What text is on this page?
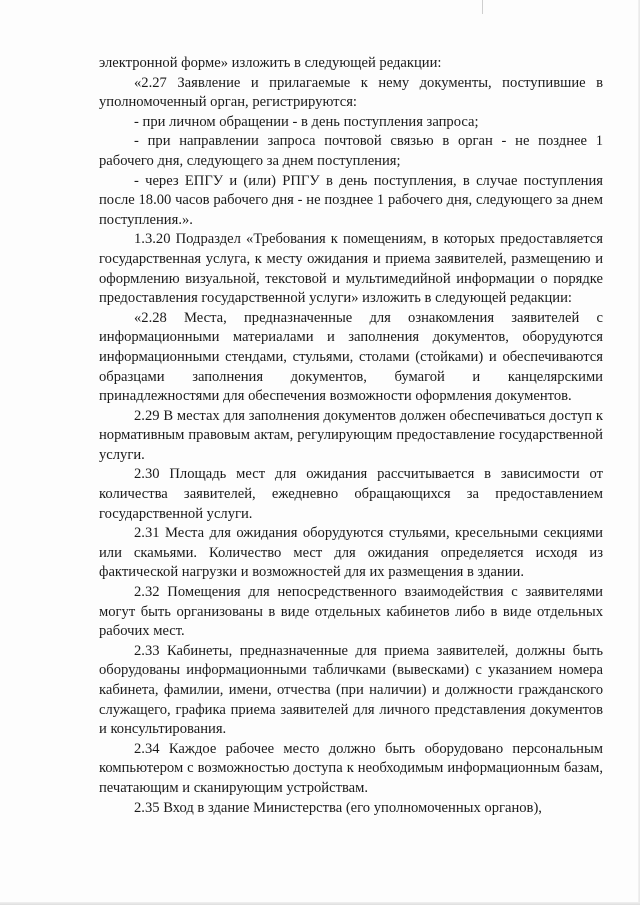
электронной форме» изложить в следующей редакции:

«2.27 Заявление и прилагаемые к нему документы, поступившие в уполномоченный орган, регистрируются:

- при личном обращении - в день поступления запроса;

- при направлении запроса почтовой связью в орган - не позднее 1 рабочего дня, следующего за днем поступления;

- через ЕПГУ и (или) РПГУ в день поступления, в случае поступления после 18.00 часов рабочего дня - не позднее 1 рабочего дня, следующего за днем поступления.».

1.3.20 Подраздел «Требования к помещениям, в которых предоставляется государственная услуга, к месту ожидания и приема заявителей, размещению и оформлению визуальной, текстовой и мультимедийной информации о порядке предоставления государственной услуги» изложить в следующей редакции:

«2.28 Места, предназначенные для ознакомления заявителей с информационными материалами и заполнения документов, оборудуются информационными стендами, стульями, столами (стойками) и обеспечиваются образцами заполнения документов, бумагой и канцелярскими принадлежностями для обеспечения возможности оформления документов.

2.29 В местах для заполнения документов должен обеспечиваться доступ к нормативным правовым актам, регулирующим предоставление государственной услуги.

2.30 Площадь мест для ожидания рассчитывается в зависимости от количества заявителей, ежедневно обращающихся за предоставлением государственной услуги.

2.31 Места для ожидания оборудуются стульями, кресельными секциями или скамьями. Количество мест для ожидания определяется исходя из фактической нагрузки и возможностей для их размещения в здании.

2.32 Помещения для непосредственного взаимодействия с заявителями могут быть организованы в виде отдельных кабинетов либо в виде отдельных рабочих мест.

2.33 Кабинеты, предназначенные для приема заявителей, должны быть оборудованы информационными табличками (вывесками) с указанием номера кабинета, фамилии, имени, отчества (при наличии) и должности гражданского служащего, графика приема заявителей для личного представления документов и консультирования.

2.34 Каждое рабочее место должно быть оборудовано персональным компьютером с возможностью доступа к необходимым информационным базам, печатающим и сканирующим устройствам.

2.35 Вход в здание Министерства (его уполномоченных органов),
